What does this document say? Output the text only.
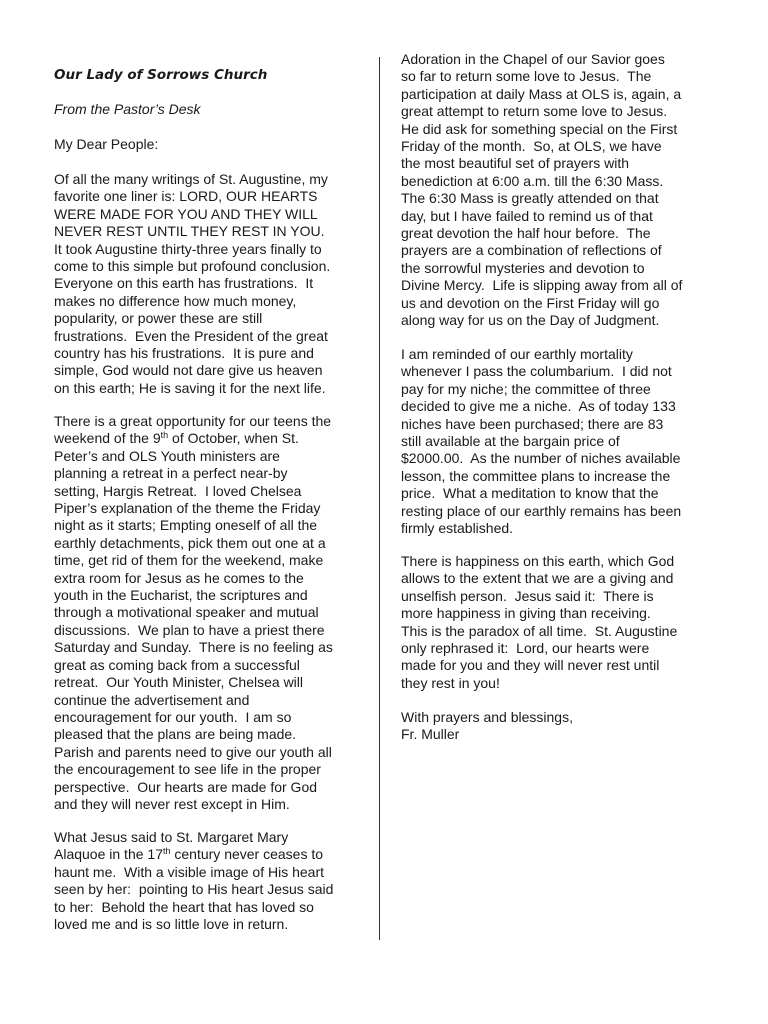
Our Lady of Sorrows Church
From the Pastor’s Desk
My Dear People:
Of all the many writings of St. Augustine, my
favorite one liner is: LORD, OUR HEARTS
WERE MADE FOR YOU AND THEY WILL
NEVER REST UNTIL THEY REST IN YOU.
It took Augustine thirty-three years finally to
come to this simple but profound conclusion.
Everyone on this earth has frustrations.  It
makes no difference how much money,
popularity, or power these are still
frustrations.  Even the President of the great
country has his frustrations.  It is pure and
simple, God would not dare give us heaven
on this earth; He is saving it for the next life.
There is a great opportunity for our teens the
weekend of the 9th of October, when St.
Peter’s and OLS Youth ministers are
planning a retreat in a perfect near-by
setting, Hargis Retreat.  I loved Chelsea
Piper’s explanation of the theme the Friday
night as it starts; Empting oneself of all the
earthly detachments, pick them out one at a
time, get rid of them for the weekend, make
extra room for Jesus as he comes to the
youth in the Eucharist, the scriptures and
through a motivational speaker and mutual
discussions.  We plan to have a priest there
Saturday and Sunday.  There is no feeling as
great as coming back from a successful
retreat.  Our Youth Minister, Chelsea will
continue the advertisement and
encouragement for our youth.  I am so
pleased that the plans are being made.
Parish and parents need to give our youth all
the encouragement to see life in the proper
perspective.  Our hearts are made for God
and they will never rest except in Him.
What Jesus said to St. Margaret Mary
Alaquoe in the 17th century never ceases to
haunt me.  With a visible image of His heart
seen by her:  pointing to His heart Jesus said
to her:  Behold the heart that has loved so
loved me and is so little love in return.
Adoration in the Chapel of our Savior goes
so far to return some love to Jesus.  The
participation at daily Mass at OLS is, again, a
great attempt to return some love to Jesus.
He did ask for something special on the First
Friday of the month.  So, at OLS, we have
the most beautiful set of prayers with
benediction at 6:00 a.m. till the 6:30 Mass.
The 6:30 Mass is greatly attended on that
day, but I have failed to remind us of that
great devotion the half hour before.  The
prayers are a combination of reflections of
the sorrowful mysteries and devotion to
Divine Mercy.  Life is slipping away from all of
us and devotion on the First Friday will go
along way for us on the Day of Judgment.
I am reminded of our earthly mortality
whenever I pass the columbarium.  I did not
pay for my niche; the committee of three
decided to give me a niche.  As of today 133
niches have been purchased; there are 83
still available at the bargain price of
$2000.00.  As the number of niches available
lesson, the committee plans to increase the
price.  What a meditation to know that the
resting place of our earthly remains has been
firmly established.
There is happiness on this earth, which God
allows to the extent that we are a giving and
unselfish person.  Jesus said it:  There is
more happiness in giving than receiving.
This is the paradox of all time.  St. Augustine
only rephrased it:  Lord, our hearts were
made for you and they will never rest until
they rest in you!
With prayers and blessings,
Fr. Muller
